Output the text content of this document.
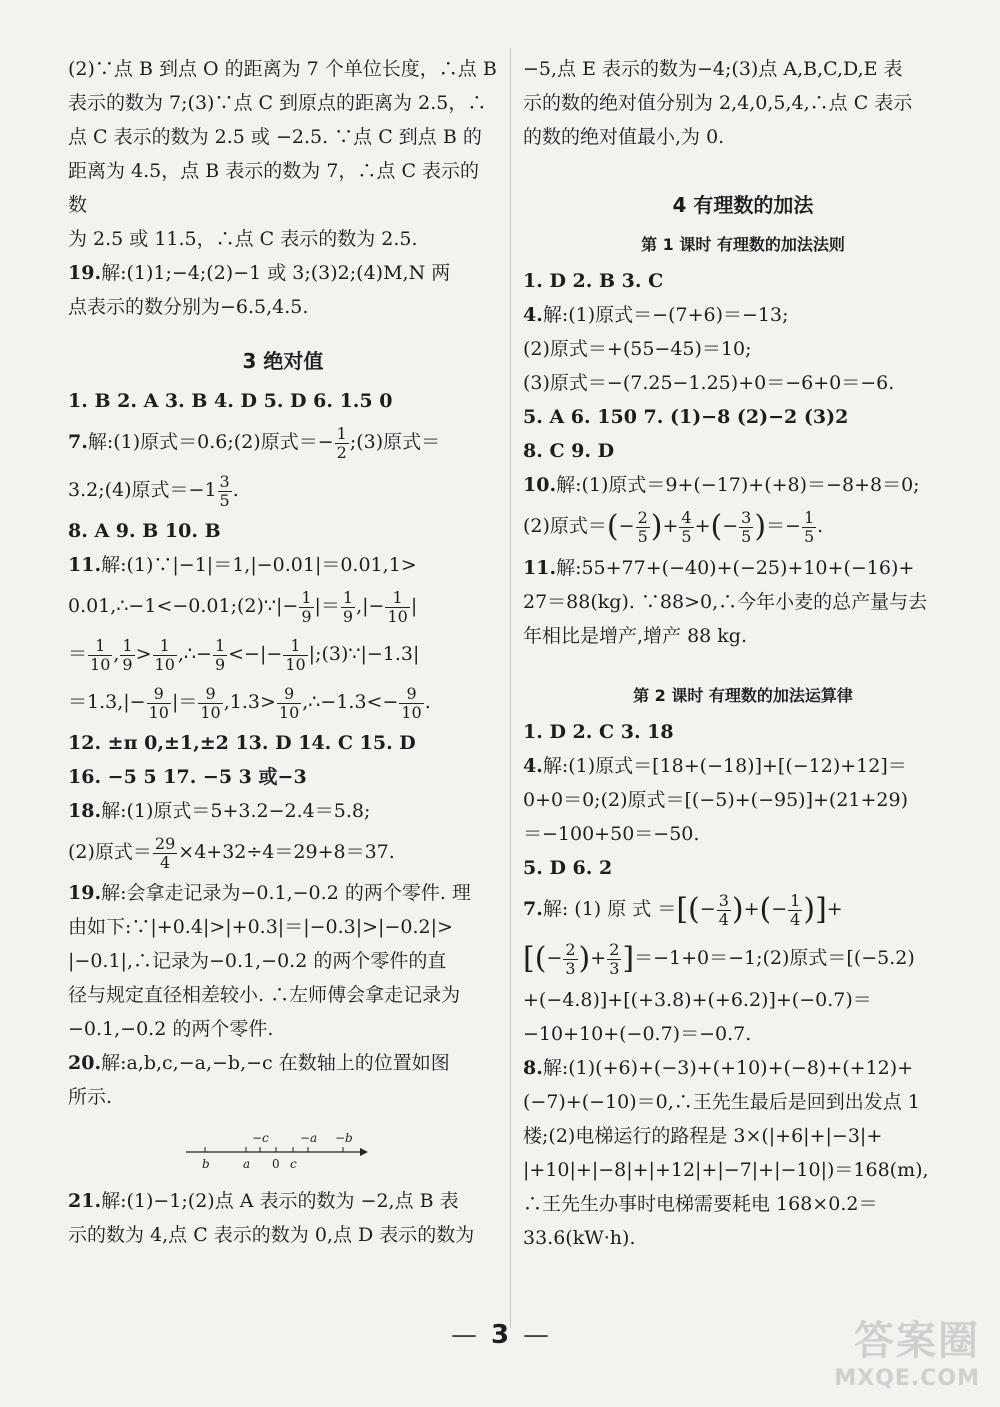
(2)∵点 B 到点 O 的距离为 7 个单位长度，∴点 B

表示的数为 7;(3)∵点 C 到原点的距离为 2.5，∴

点 C 表示的数为 2.5 或 −2.5. ∵点 C 到点 B 的

距离为 4.5，点 B 表示的数为 7，∴点 C 表示的数

为 2.5 或 11.5，∴点 C 表示的数为 2.5.

19.解:(1)1;−4;(2)−1 或 3;(3)2;(4)M,N 两

点表示的数分别为−6.5,4.5.

3 绝对值

1. B 2. A 3. B 4. D 5. D 6. 1.5 0

7.解:(1)原式＝0.6;(2)原式＝− $\frac{1}{2}$ ;(3)原式＝

3.2;(4)原式$=-1 \frac{3}{5}$ .

8. A 9. B 10. B

11.解:(1)∵|−1|＝1,|−0.01|＝0.01,1>

0.01,∴−1<−0.01;(2)∵|− $\frac{1}{9}$ |＝ $\frac{1}{9}$ ,|− $\frac{1}{10}$ |

＝ $\frac{1}{10}$ , $\frac{1}{9} > \frac{1}{10}$ ,∴− $\frac{1}{9}$ <−|− $\frac{1}{10}$ |;(3)∵|−1.3|

$=1.3,|- \frac{9}{10}$ |＝ $\frac{9}{10} ,1.3> \frac{9}{10}$ ,∴−1.3<− $\frac{9}{10}$ .

12. ±π 0,±1,±2 13. D 14. C 15. D

16. −5 5 17. −5 3 或−3

18.解:(1)原式＝5+3.2−2.4＝5.8;

(2)原式＝ $\frac{29}{4} \times 4+32\div 4=29+8=37$.

19.解:会拿走记录为−0.1,−0.2 的两个零件. 理

由如下:∵|+0.4|>|+0.3|＝|−0.3|>|−0.2|>

|−0.1|,∴记录为−0.1,−0.2 的两个零件的直

径与规定直径相差较小. ∴左师傅会拿走记录为

−0.1,−0.2 的两个零件.

20.解:a,b,c,−a,−b,−c 在数轴上的位置如图

所示.

b	a 0 c
−c	−a −b

21.解:(1)−1;(2)点 A 表示的数为 −2,点 B 表

示的数为 4,点 C 表示的数为 0,点 D 表示的数为

−5,点 E 表示的数为−4;(3)点 A,B,C,D,E 表

示的数的绝对值分别为 2,4,0,5,4,∴点 C 表示

的数的绝对值最小,为 0.

4 有理数的加法
第 1 课时 有理数的加法法则

1. D 2. B 3. C

4.解:(1)原式＝−(7+6)＝−13;

(2)原式＝+(55−45)＝10;

(3)原式＝−(7.25−1.25)+0＝−6+0＝−6.

5. A 6. 150 7. (1)−8 (2)−2 (3)2

8. C 9. D

10.解:(1)原式＝9+(−17)+(+8)＝−8+8＝0;

(2)原式＝(− $\frac{2}{5}$ )+ $\frac{4}{5}$ +(− $\frac{3}{5}$ )＝− $\frac{1}{5}$ .

11.解:55+77+(−40)+(−25)+10+(−16)+

27＝88(kg). ∵88>0,∴今年小麦的总产量与去

年相比是增产,增产 88 kg.

第 2 课时 有理数的加法运算律

1. D 2. C 3. 18

4.解:(1)原式＝[18+(−18)]+[(−12)+12]＝

0+0＝0;(2)原式＝[(−5)+(−95)]+(21+29)

＝−100+50＝−50.

5. D 6. 2

7.解: (1) 原 式 ＝[(− $\frac{3}{4}$ )+(− $\frac{1}{4}$ )]+

[(− $\frac{2}{3}$ )+ $\frac{2}{3}$ ]＝−1+0＝−1;(2)原式＝[(−5.2)

+(−4.8)]+[(+3.8)+(+6.2)]+(−0.7)＝

−10+10+(−0.7)＝−0.7.

8.解:(1)(+6)+(−3)+(+10)+(−8)+(+12)+

(−7)+(−10)＝0,∴王先生最后是回到出发点 1

楼;(2)电梯运行的路程是 3×(|+6|+|−3|+

|+10|+|−8|+|+12|+|−7|+|−10|)＝168(m),

∴王先生办事时电梯需要耗电 168×0.2＝

33.6(kW·h).

— 3 —	答案圈
MXQE.COM
